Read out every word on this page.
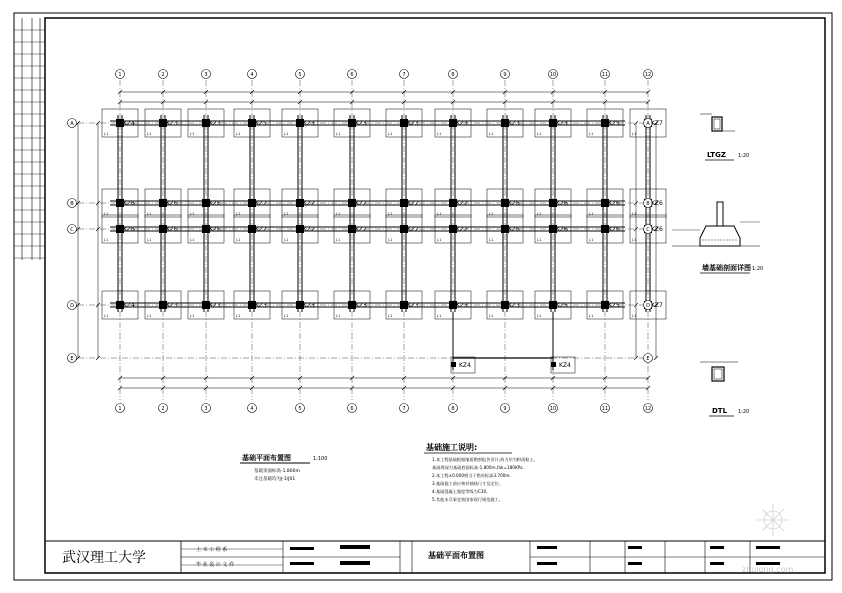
1	2	3	4	5	6	7	8	9	10	11	12
1	2	3	4	5	6	7	8	9	10	11	12
A
B
C
D
E
A
B
C
D
E
KZ4
J-1
KZ3
J-1
KZ3
J-1
KZ5
J-1
KZ3
J-1
KZ3
J-1
KZ3
J-1
KZ3
J-1
KZ3
J-1
KZ3
J-1
KZ5
J-1
KZ7
J-1
KZ6
J-1
KZ6
J-1
KZ6
J-1
KZ2
J-1
KZ2
J-1
KZ2
J-1
KZ2
J-1
KZ2
J-1
KZ6
J-1
KZ6
J-1
KZ6
J-1
KZ6
J-1
KZ6
J-1
KZ6
J-1
KZ6
J-1
KZ2
J-1
KZ2
J-1
KZ2
J-1
KZ2
J-1
KZ2
J-1
KZ6
J-1
KZ6
J-1
KZ6
J-1
KZ6
J-1
KZ4
J-1
KZ3
J-1
KZ3
J-1
KZ3
J-1
KZ3
J-1
KZ3
J-1
KZ3
J-1
KZ3
J-1
KZ3
J-1
KZ5
J-1
KZ5
J-1
KZ7
J-1
KZ4	KZ4
基础平面布置图	1:100
基础顶面标高-1.800m
未注基础均为J-1/J01
基础施工说明:
1.本工程基础根据地质勘察报告设计,持力层为粉质粘土。
基础埋深为基础底面标高-1.800m,fak=180KPa.
2.本工程±0.000相当于绝对标高3.700m.
3.基础施工前应核对轴线尺寸及定位。
4.基础混凝土强度等级为C30。
5.其他未尽事宜按国家现行规范施工。
LTGZ 1:20
墙基础剖面详图 1:20
DTL 1:20
武汉理工大学	土 木 工 程 系
毕 业 设 计 文 件
基础平面布置图
zhulong.com
